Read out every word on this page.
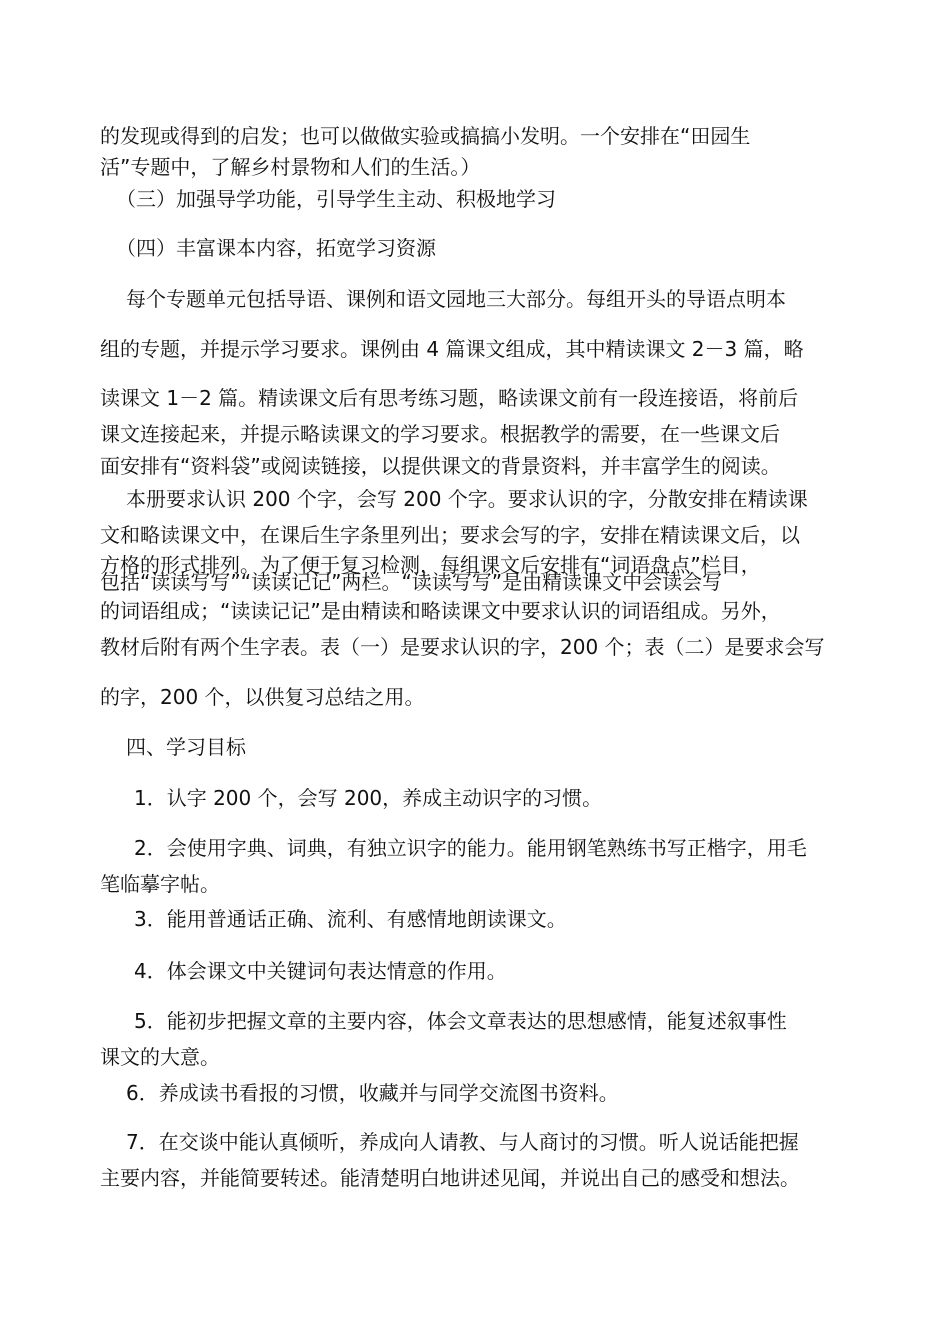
的发现或得到的启发；也可以做做实验或搞搞小发明。一个安排在“田园生

活”专题中，了解乡村景物和人们的生活。）

（三）加强导学功能，引导学生主动、积极地学习

（四）丰富课本内容，拓宽学习资源

每个专题单元包括导语、课例和语文园地三大部分。每组开头的导语点明本

组的专题，并提示学习要求。课例由 4 篇课文组成，其中精读课文 2－3 篇，略

读课文 1－2 篇。精读课文后有思考练习题，略读课文前有一段连接语，将前后

课文连接起来，并提示略读课文的学习要求。根据教学的需要，在一些课文后

面安排有“资料袋”或阅读链接，以提供课文的背景资料，并丰富学生的阅读。

本册要求认识 200 个字，会写 200 个字。要求认识的字，分散安排在精读课

文和略读课文中，在课后生字条里列出；要求会写的字，安排在精读课文后，以

方格的形式排列。为了便于复习检测，每组课文后安排有“词语盘点”栏目，

包括“读读写写”“读读记记”两栏。“读读写写”是由精读课文中会读会写

的词语组成；“读读记记”是由精读和略读课文中要求认识的词语组成。另外，

教材后附有两个生字表。表（一）是要求认识的字，200 个；表（二）是要求会写

的字，200 个，以供复习总结之用。

四、学习目标

1．认字 200 个，会写 200，养成主动识字的习惯。

2．会使用字典、词典，有独立识字的能力。能用钢笔熟练书写正楷字，用毛

笔临摹字帖。

3．能用普通话正确、流利、有感情地朗读课文。

4．体会课文中关键词句表达情意的作用。

5．能初步把握文章的主要内容，体会文章表达的思想感情，能复述叙事性

课文的大意。

6．养成读书看报的习惯，收藏并与同学交流图书资料。

7．在交谈中能认真倾听，养成向人请教、与人商讨的习惯。听人说话能把握

主要内容，并能简要转述。能清楚明白地讲述见闻，并说出自己的感受和想法。
